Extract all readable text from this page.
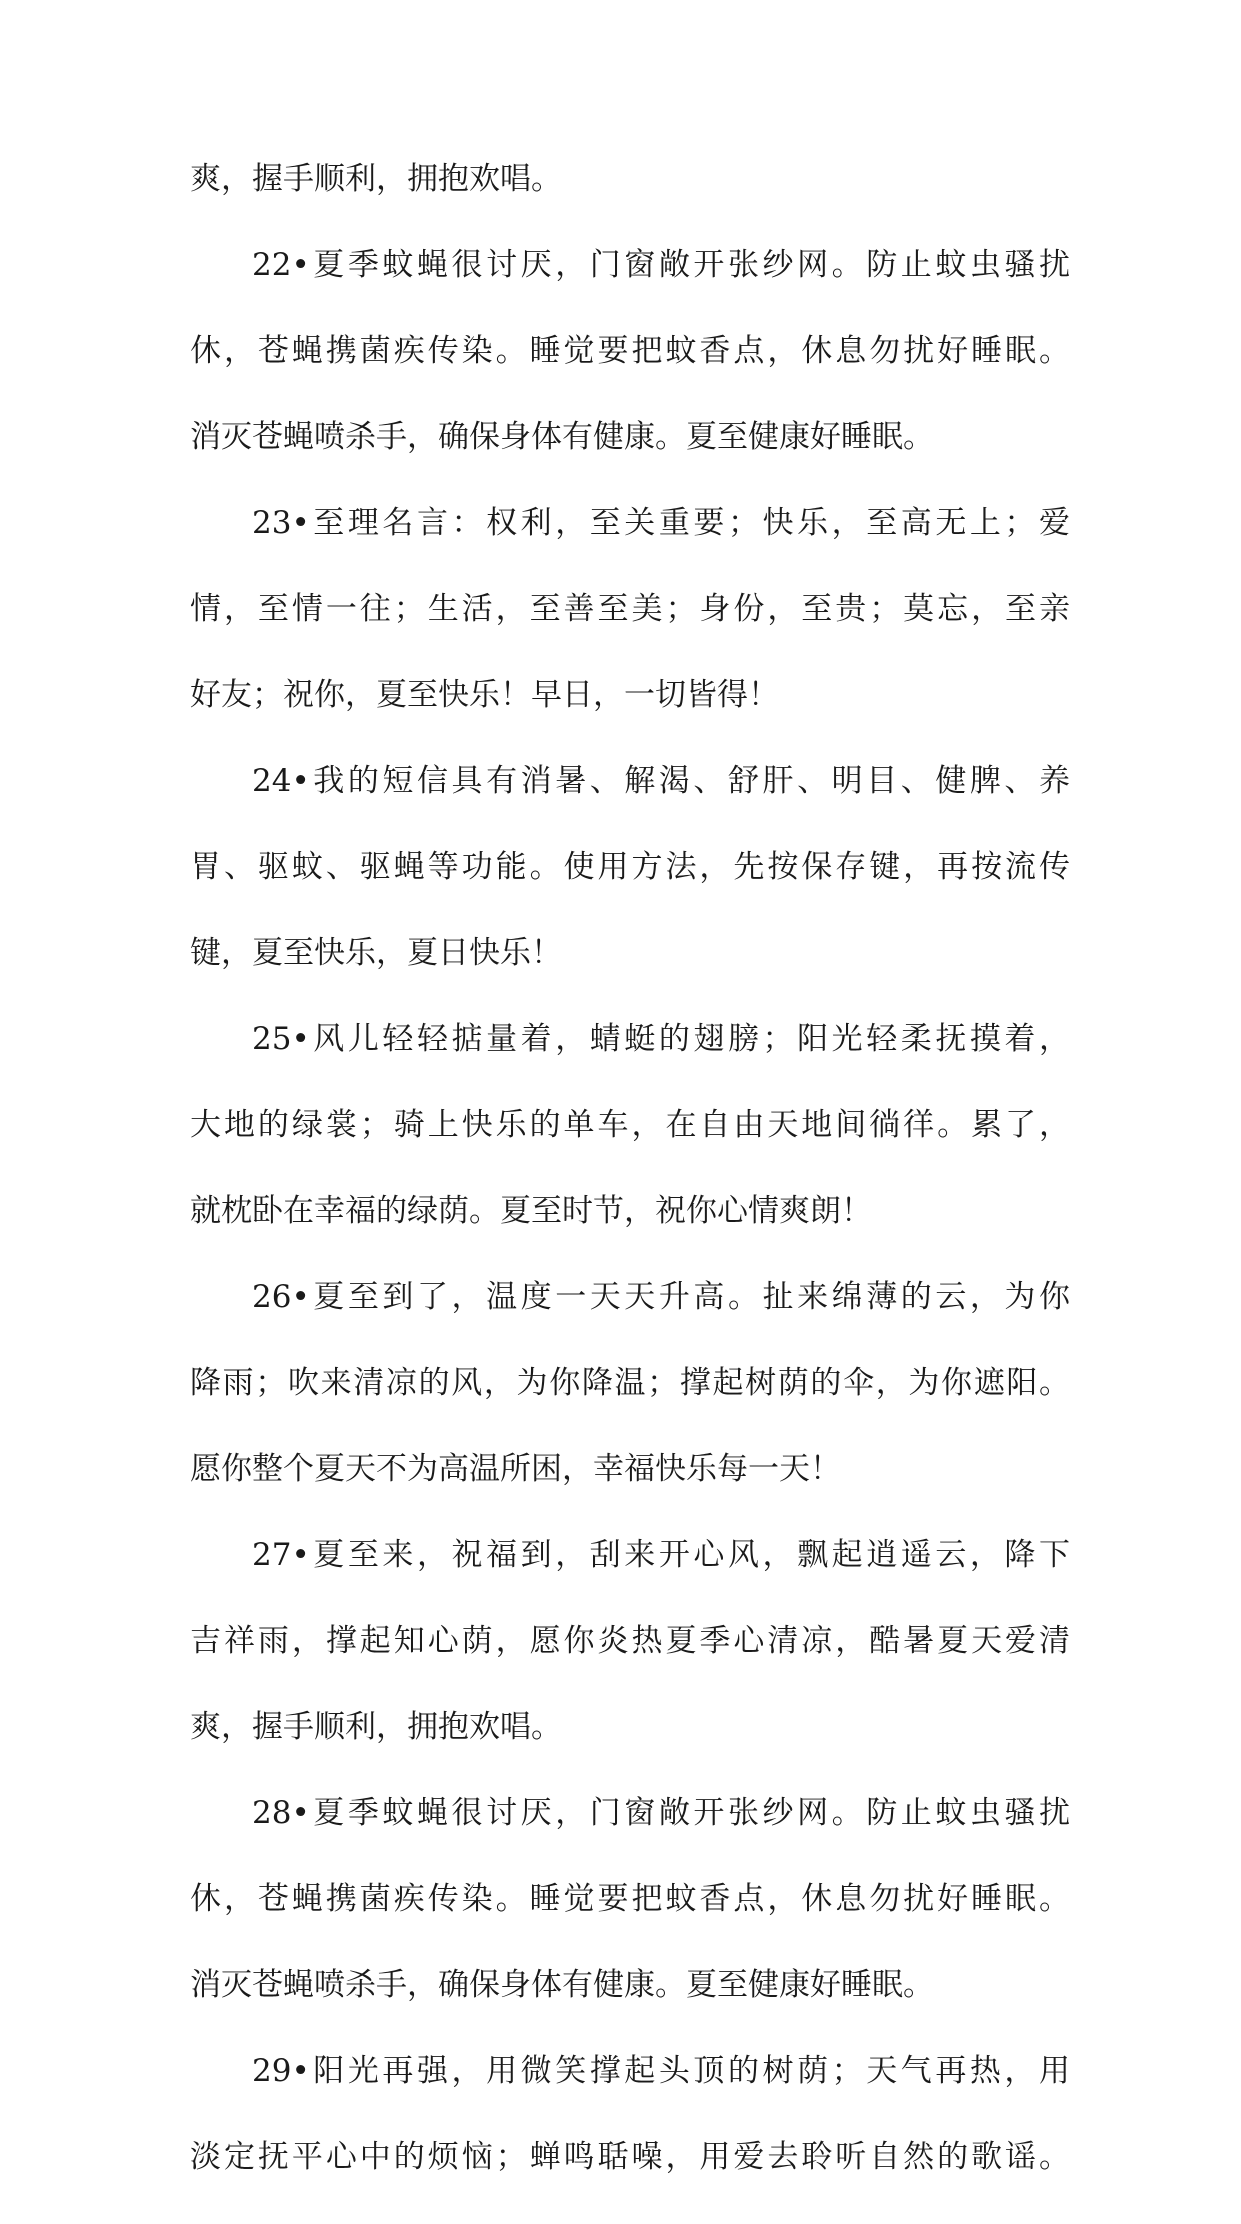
爽，握手顺利，拥抱欢唱。
22•夏季蚊蝇很讨厌，门窗敞开张纱网。防止蚊虫骚扰
休，苍蝇携菌疾传染。睡觉要把蚊香点，休息勿扰好睡眠。
消灭苍蝇喷杀手，确保身体有健康。夏至健康好睡眠。
23•至理名言：权利，至关重要；快乐，至高无上；爱
情，至情一往；生活，至善至美；身份，至贵；莫忘，至亲
好友；祝你，夏至快乐！早日，一切皆得！
24•我的短信具有消暑、解渴、舒肝、明目、健脾、养
胃、驱蚊、驱蝇等功能。使用方法，先按保存键，再按流传
键，夏至快乐，夏日快乐！
25•风儿轻轻掂量着，蜻蜓的翅膀；阳光轻柔抚摸着，
大地的绿裳；骑上快乐的单车，在自由天地间徜徉。累了，
就枕卧在幸福的绿荫。夏至时节，祝你心情爽朗！
26•夏至到了，温度一天天升高。扯来绵薄的云，为你
降雨；吹来清凉的风，为你降温；撑起树荫的伞，为你遮阳。
愿你整个夏天不为高温所困，幸福快乐每一天！
27•夏至来，祝福到，刮来开心风，飘起逍遥云，降下
吉祥雨，撑起知心荫，愿你炎热夏季心清凉，酷暑夏天爱清
爽，握手顺利，拥抱欢唱。
28•夏季蚊蝇很讨厌，门窗敞开张纱网。防止蚊虫骚扰
休，苍蝇携菌疾传染。睡觉要把蚊香点，休息勿扰好睡眠。
消灭苍蝇喷杀手，确保身体有健康。夏至健康好睡眠。
29•阳光再强，用微笑撑起头顶的树荫；天气再热，用
淡定抚平心中的烦恼；蝉鸣聒噪，用爱去聆听自然的歌谣。
